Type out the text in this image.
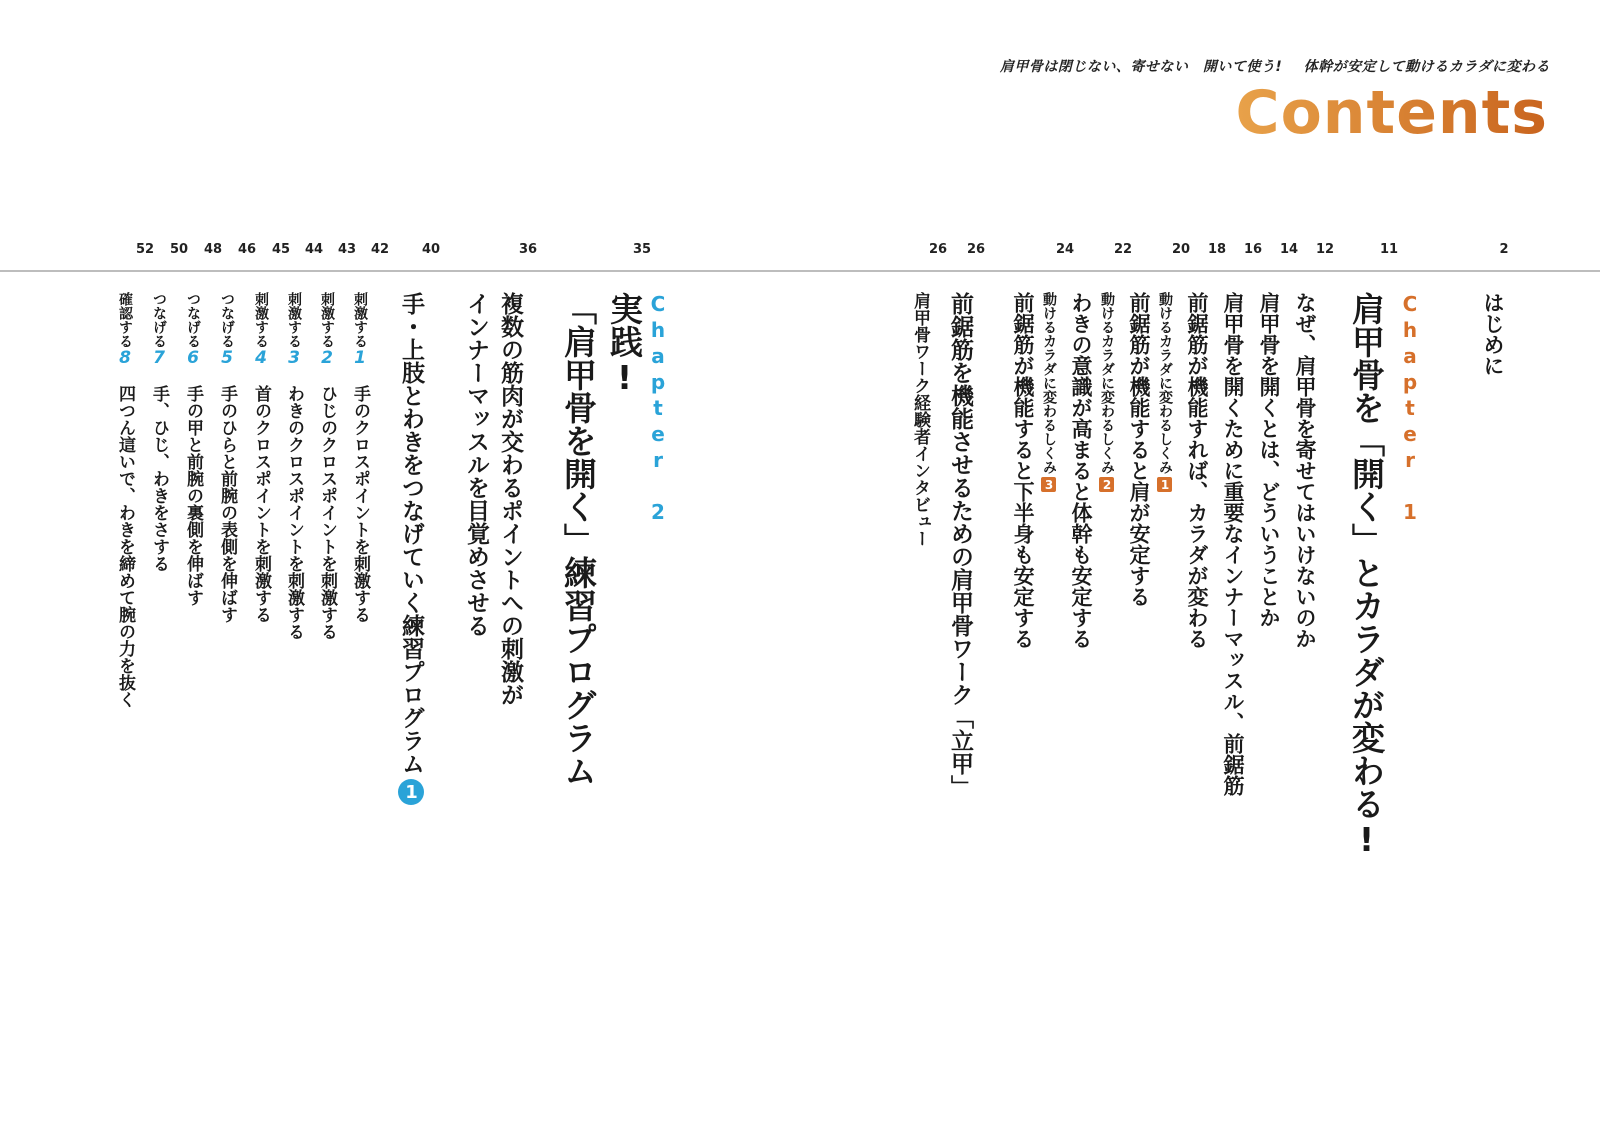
肩甲骨は閉じない、寄せない　開いて使う! 体幹が安定して動けるカラダに変わる
Contents
2
11
12
14
16
18
20
22
24
26
26
35
36
40
42
43
44
45
46
48
50
52
はじめに
Chapter 1
肩甲骨を「開く」とカラダが変わる!
なぜ、肩甲骨を寄せてはいけないのか
肩甲骨を開くとは、どういうことか
肩甲骨を開くために重要なインナーマッスル、前鋸筋
前鋸筋が機能すれば、カラダが変わる
動けるカラダに変わるしくみ1
前鋸筋が機能すると肩が安定する
動けるカラダに変わるしくみ2
わきの意識が高まると体幹も安定する
動けるカラダに変わるしくみ3
前鋸筋が機能すると下半身も安定する
前鋸筋を機能させるための肩甲骨ワーク「立甲」
肩甲骨ワーク経験者インタビュー
Chapter 2
実践!
「肩甲骨を開く」練習プログラム
複数の筋肉が交わるポイントへの刺激が
インナーマッスルを目覚めさせる
手・上肢とわきをつなげていく練習プログラム1
刺激する1　手のクロスポイントを刺激する
刺激する2　ひじのクロスポイントを刺激する
刺激する3　わきのクロスポイントを刺激する
刺激する4　首のクロスポイントを刺激する
つなげる5　手のひらと前腕の表側を伸ばす
つなげる6　手の甲と前腕の裏側を伸ばす
つなげる7　手、ひじ、わきをさする
確認する8　四つん這いで、わきを締めて腕の力を抜く
